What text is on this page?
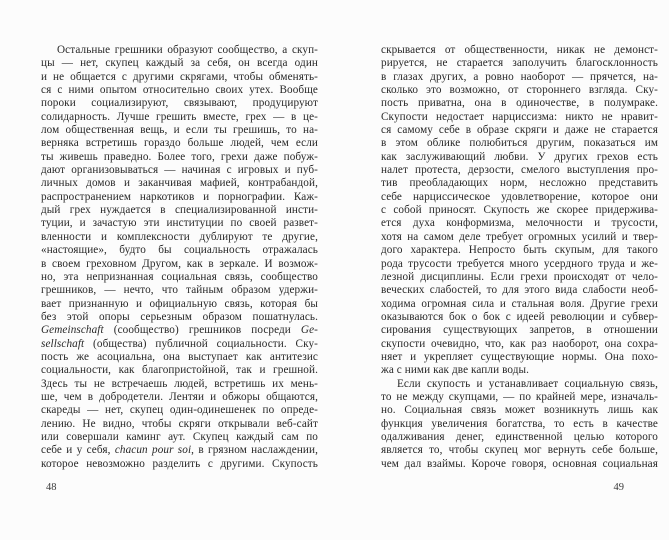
Остальные грешники образуют сообщество, а скуп-
цы — нет, скупец каждый за себя, он всегда один
и не общается с другими скрягами, чтобы обменять-
ся с ними опытом относительно своих утех. Вообще
пороки социализируют, связывают, продуцируют
солидарность. Лучше грешить вместе, грех — в це-
лом общественная вещь, и если ты грешишь, то на-
верняка встретишь гораздо больше людей, чем если
ты живешь праведно. Более того, грехи даже побуж-
дают организовываться — начиная с игровых и пуб-
личных домов и заканчивая мафией, контрабандой,
распространением наркотиков и порнографии. Каж-
дый грех нуждается в специализированной инсти-
туции, и зачастую эти институции по своей развет-
вленности и комплексности дублируют те другие,
«настоящие», будто бы социальность отражалась
в своем греховном Другом, как в зеркале. И возмож-
но, эта непризнанная социальная связь, сообщество
грешников, — нечто, что тайным образом удержи-
вает признанную и официальную связь, которая бы
без этой опоры серьезным образом пошатнулась.
Gemeinschaft (сообщество) грешников посреди Ge-
sellschaft (общества) публичной социальности. Ску-
пость же асоциальна, она выступает как антитезис
социальности, как благопристойной, так и грешной.
Здесь ты не встречаешь людей, встретишь их мень-
ше, чем в добродетели. Лентяи и обжоры общаются,
скареды — нет, скупец один-одинешенек по опреде-
лению. Не видно, чтобы скряги открывали веб-сайт
или совершали каминг аут. Скупец каждый сам по
себе и у себя, chacun pour soi, в грязном наслаждении,
которое невозможно разделить с другими. Скупость
скрывается от общественности, никак не демонст-
рируется, не старается заполучить благосклонность
в глазах других, а ровно наоборот — прячется, на-
сколько это возможно, от стороннего взгляда. Ску-
пость приватна, она в одиночестве, в полумраке.
Скупости недостает нарциссизма: никто не нравит-
ся самому себе в образе скряги и даже не старается
в этом облике полюбиться другим, показаться им
как заслуживающий любви. У других грехов есть
налет протеста, дерзости, смелого выступления про-
тив преобладающих норм, несложно представить
себе нарциссическое удовлетворение, которое они
с собой приносят. Скупость же скорее придержива-
ется духа конформизма, мелочности и трусости,
хотя на самом деле требует огромных усилий и твер-
дого характера. Непросто быть скупым, для такого
рода трусости требуется много усердного труда и же-
лезной дисциплины. Если грехи происходят от чело-
веческих слабостей, то для этого вида слабости необ-
ходима огромная сила и стальная воля. Другие грехи
оказываются бок о бок с идеей революции и субвер-
сирования существующих запретов, в отношении
скупости очевидно, что, как раз наоборот, она сохра-
няет и укрепляет существующие нормы. Она похо-
жа с ними как две капли воды.
Если скупость и устанавливает социальную связь,
то не между скупцами, — по крайней мере, изначаль-
но. Социальная связь может возникнуть лишь как
функция увеличения богатства, то есть в качестве
одалживания денег, единственной целью которого
является то, чтобы скупец мог вернуть себе больше,
чем дал взаймы. Короче говоря, основная социальная
48	49
